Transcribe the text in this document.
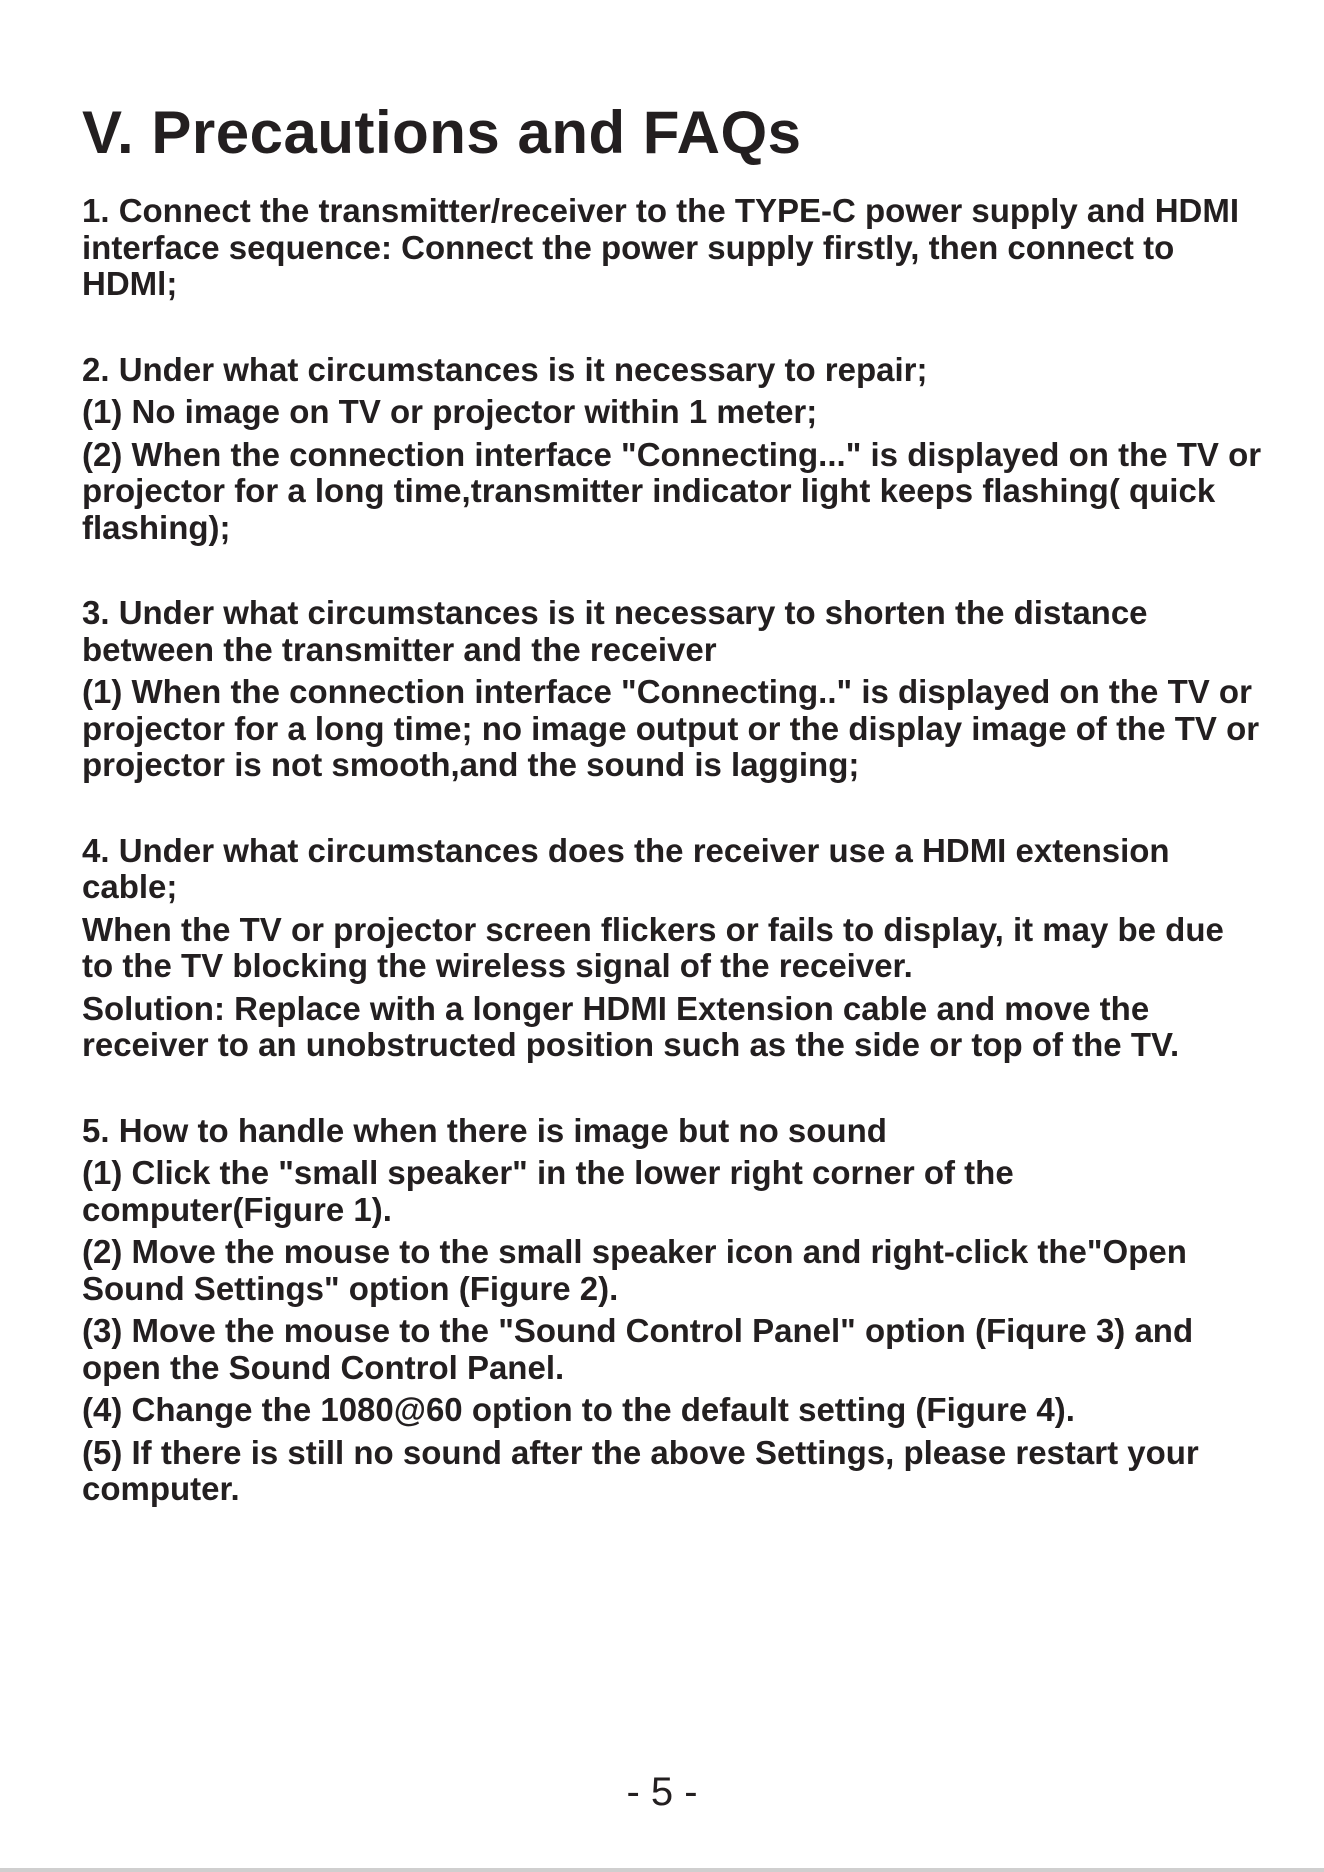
V. Precautions and FAQs

1. Connect the transmitter/receiver to the TYPE-C power supply and HDMI interface sequence: Connect the power supply firstly, then connect to HDMl;

2. Under what circumstances is it necessary to repair;

(1) No image on TV or projector within 1 meter;

(2) When the connection interface "Connecting..." is displayed on the TV or projector for a long time,transmitter indicator light keeps flashing( quick flashing);

3. Under what circumstances is it necessary to shorten the distance between the transmitter and the receiver

(1) When the connection interface "Connecting.." is displayed on the TV or projector for a long time; no image output or the display image of the TV or projector is not smooth,and the sound is lagging;

4. Under what circumstances does the receiver use a HDMI extension cable;

When the TV or projector screen flickers or fails to display, it may be due to the TV blocking the wireless signal of the receiver.

Solution: Replace with a longer HDMI Extension cable and move the receiver to an unobstructed position such as the side or top of the TV.

5. How to handle when there is image but no sound

(1) Click the "small speaker" in the lower right corner of the computer(Figure 1).

(2) Move the mouse to the small speaker icon and right-click the"Open Sound Settings" option (Figure 2).

(3) Move the mouse to the "Sound Control Panel" option (Fiqure 3) and open the Sound Control Panel.

(4) Change the 1080@60 option to the default setting (Figure 4).

(5) If there is still no sound after the above Settings, please restart your computer.

- 5 -
